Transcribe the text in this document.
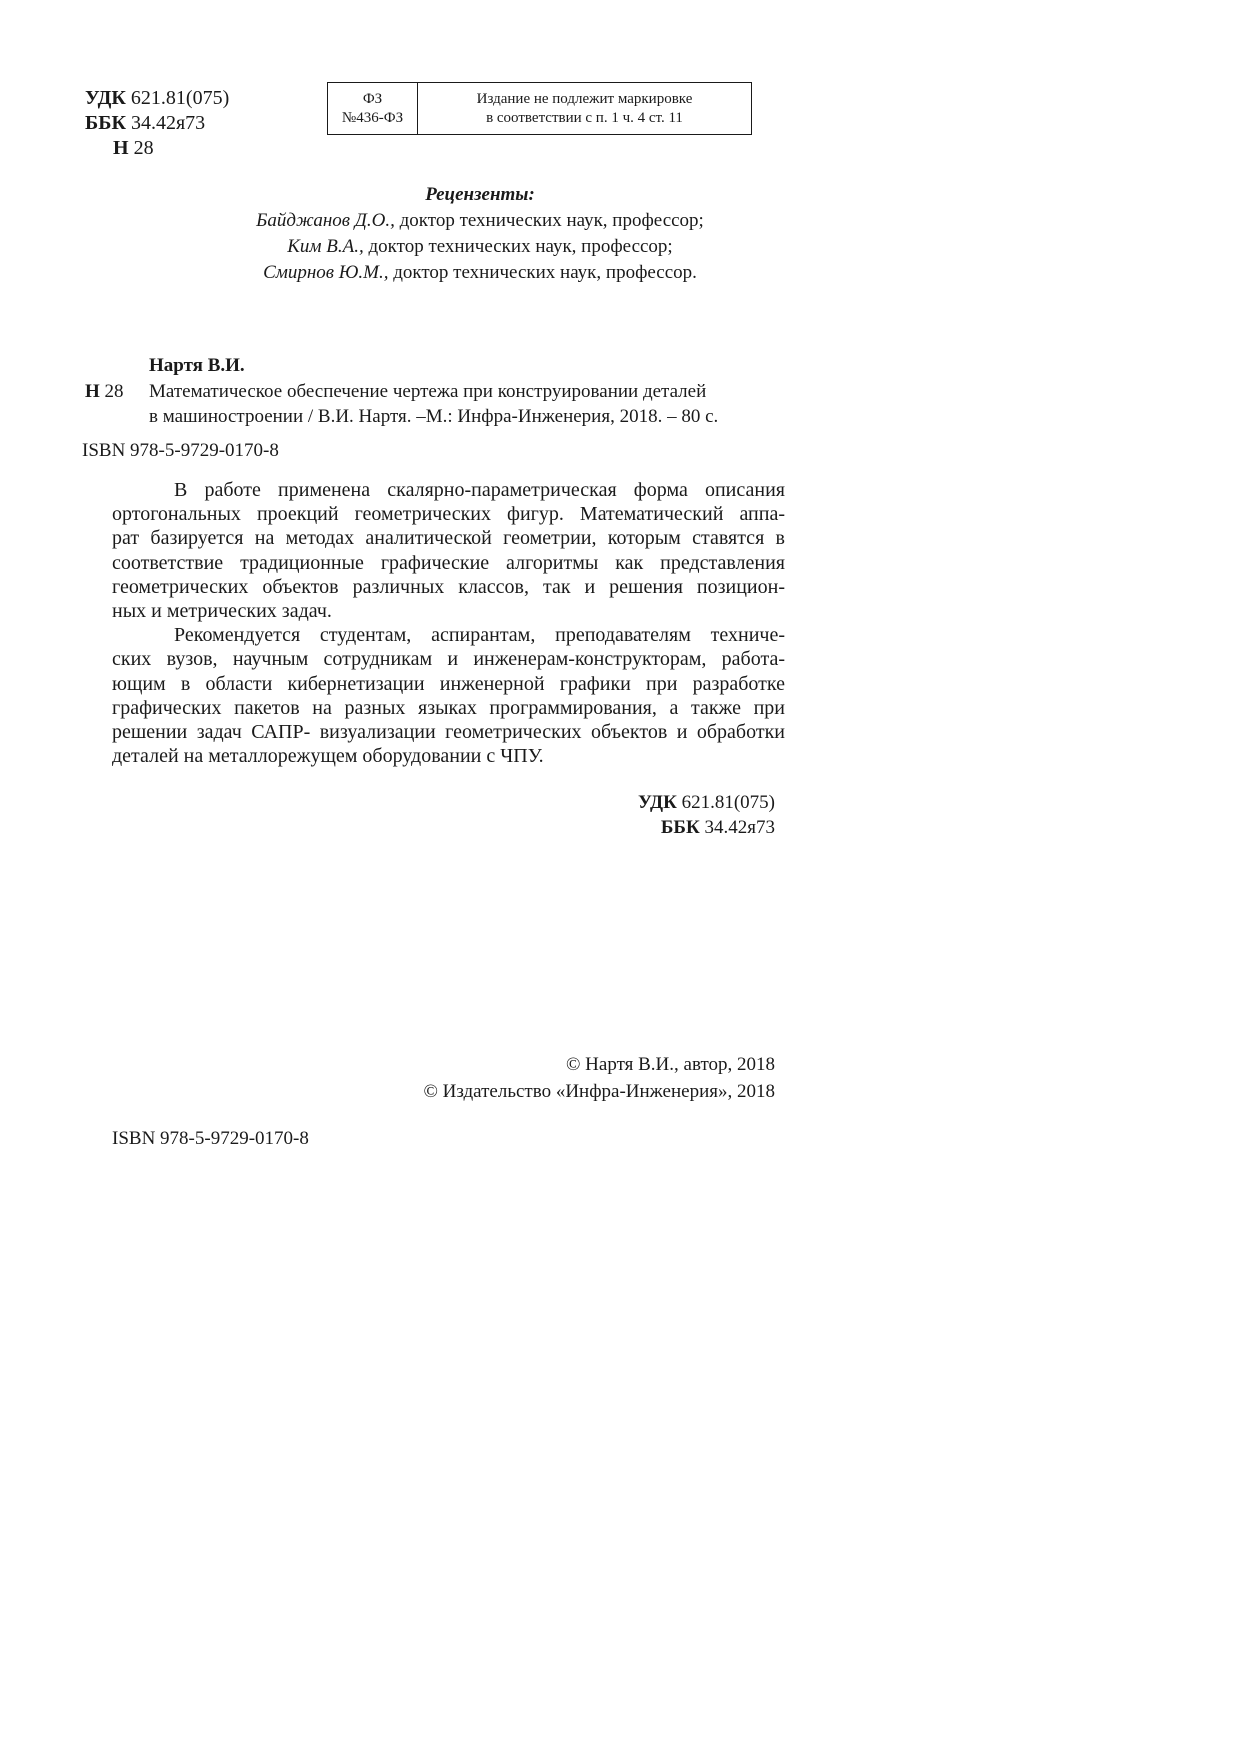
УДК 621.81(075)
ББК 34.42я73
Н 28
ФЗ
№436-ФЗ
Издание не подлежит маркировке
в соответствии с п. 1 ч. 4 ст. 11
Рецензенты:
Байджанов Д.О., доктор технических наук, профессор;
Ким В.А., доктор технических наук, профессор;
Смирнов Ю.М., доктор технических наук, профессор.
Нартя В.И.
Н 28 Математическое обеспечение чертежа при конструировании деталей
в машиностроении / В.И. Нартя. –М.: Инфра-Инженерия, 2018. – 80 с.
ISBN 978-5-9729-0170-8
В работе применена скалярно-параметрическая форма описания
ортогональных проекций геометрических фигур. Математический аппа-
рат базируется на методах аналитической геометрии, которым ставятся в
соответствие традиционные графические алгоритмы как представления
геометрических объектов различных классов, так и решения позицион-
ных и метрических задач.
Рекомендуется студентам, аспирантам, преподавателям техниче-
ских вузов, научным сотрудникам и инженерам-конструкторам, работа-
ющим в области кибернетизации инженерной графики при разработке
графических пакетов на разных языках программирования, а также при
решении задач САПР- визуализации геометрических объектов и обработки
деталей на металлорежущем оборудовании с ЧПУ.
УДК 621.81(075)
ББК 34.42я73
© Нартя В.И., автор, 2018
© Издательство «Инфра-Инженерия», 2018
ISBN 978-5-9729-0170-8
